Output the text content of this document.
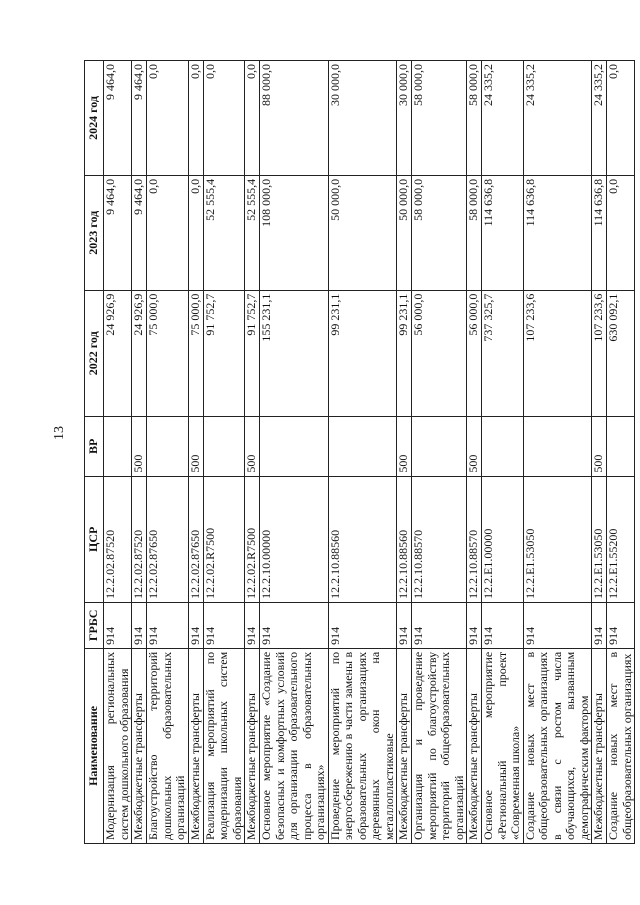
13
Наименование	ГРБС	ЦСР	ВР	2022 год	2023 год	2024 год
Модернизация региональных систем дошкольного образования	914	12.2.02.87520		24 926,9	9 464,0	9 464,0
Межбюджетные трансферты	914	12.2.02.87520	500	24 926,9	9 464,0	9 464,0
Благоустройство территорий дошкольных образовательных организаций	914	12.2.02.87650		75 000,0	0,0	0,0
Межбюджетные трансферты	914	12.2.02.87650	500	75 000,0	0,0	0,0
Реализация мероприятий по модернизации школьных систем образования	914	12.2.02.R7500		91 752,7	52 555,4	0,0
Межбюджетные трансферты	914	12.2.02.R7500	500	91 752,7	52 555,4	0,0
Основное мероприятие «Создание безопасных и комфортных условий для организации образовательного процесса в образовательных организациях»	914	12.2.10.00000		155 231,1	108 000,0	88 000,0
Проведение мероприятий по энергосбережению в части замены в образовательных организациях деревянных окон на металлопластиковые	914	12.2.10.88560		99 231,1	50 000,0	30 000,0
Межбюджетные трансферты	914	12.2.10.88560	500	99 231,1	50 000,0	30 000,0
Организация и проведение мероприятий по благоустройству территорий общеобразовательных организаций	914	12.2.10.88570		56 000,0	58 000,0	58 000,0
Межбюджетные трансферты	914	12.2.10.88570	500	56 000,0	58 000,0	58 000,0
Основное мероприятие «Региональный проект «Современная школа»	914	12.2.E1.00000		737 325,7	114 636,8	24 335,2
Создание новых мест в общеобразовательных организациях в связи с ростом числа обучающихся, вызванным демографическим фактором	914	12.2.E1.53050		107 233,6	114 636,8	24 335,2
Межбюджетные трансферты	914	12.2.E1.53050	500	107 233,6	114 636,8	24 335,2
Создание новых мест в общеобразовательных организациях	914	12.2.E1.55200		630 092,1	0,0	0,0
